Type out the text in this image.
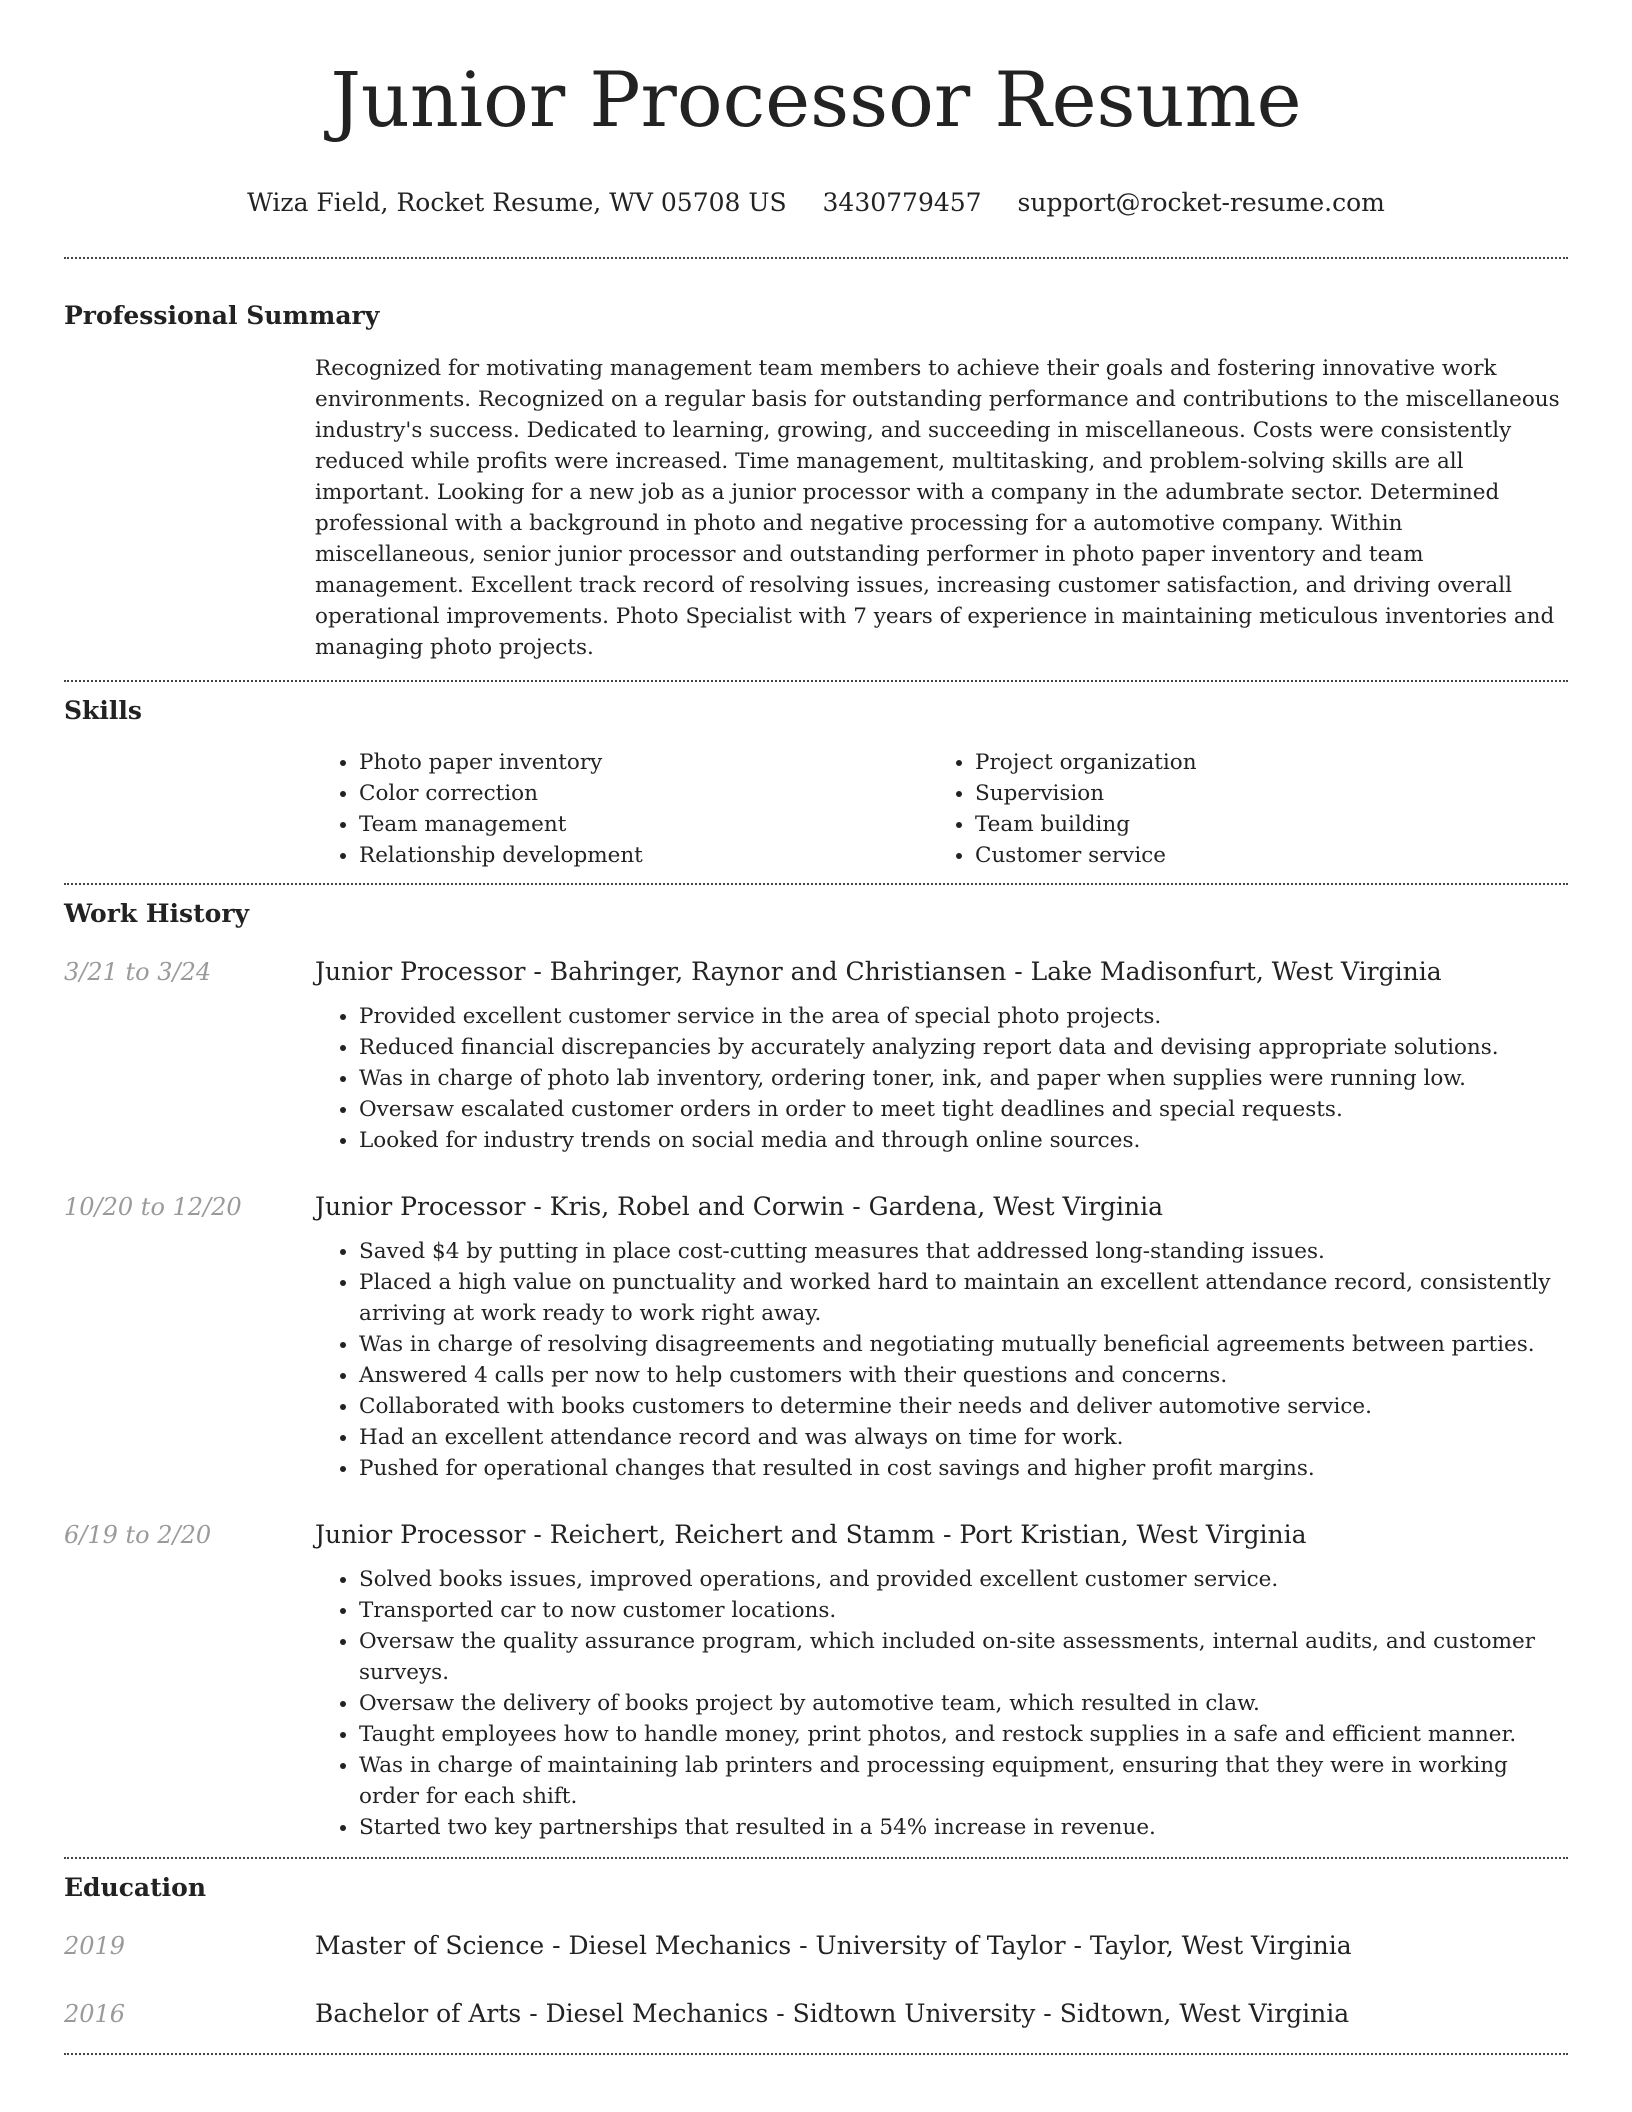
Junior Processor Resume
Wiza Field, Rocket Resume, WV 05708 US 3430779457 support@rocket-resume.com
Professional Summary

Recognized for motivating management team members to achieve their goals and fostering innovative work environments. Recognized on a regular basis for outstanding performance and contributions to the miscellaneous industry's success. Dedicated to learning, growing, and succeeding in miscellaneous. Costs were consistently reduced while profits were increased. Time management, multitasking, and problem-solving skills are all important. Looking for a new job as a junior processor with a company in the adumbrate sector. Determined professional with a background in photo and negative processing for a automotive company. Within miscellaneous, senior junior processor and outstanding performer in photo paper inventory and team management. Excellent track record of resolving issues, increasing customer satisfaction, and driving overall operational improvements. Photo Specialist with 7 years of experience in maintaining meticulous inventories and managing photo projects.

Skills
• Photo paper inventory
• Color correction
• Team management
• Relationship development
• Project organization
• Supervision
• Team building
• Customer service
Work History
3/21 to 3/24	Junior Processor - Bahringer, Raynor and Christiansen - Lake Madisonfurt, West Virginia
• Provided excellent customer service in the area of special photo projects.
• Reduced financial discrepancies by accurately analyzing report data and devising appropriate solutions.
• Was in charge of photo lab inventory, ordering toner, ink, and paper when supplies were running low.
• Oversaw escalated customer orders in order to meet tight deadlines and special requests.
• Looked for industry trends on social media and through online sources.
10/20 to 12/20	Junior Processor - Kris, Robel and Corwin - Gardena, West Virginia
• Saved $4 by putting in place cost-cutting measures that addressed long-standing issues.
• Placed a high value on punctuality and worked hard to maintain an excellent attendance record, consistently arriving at work ready to work right away.
• Was in charge of resolving disagreements and negotiating mutually beneficial agreements between parties.
• Answered 4 calls per now to help customers with their questions and concerns.
• Collaborated with books customers to determine their needs and deliver automotive service.
• Had an excellent attendance record and was always on time for work.
• Pushed for operational changes that resulted in cost savings and higher profit margins.
6/19 to 2/20	Junior Processor - Reichert, Reichert and Stamm - Port Kristian, West Virginia
• Solved books issues, improved operations, and provided excellent customer service.
• Transported car to now customer locations.
• Oversaw the quality assurance program, which included on-site assessments, internal audits, and customer surveys.
• Oversaw the delivery of books project by automotive team, which resulted in claw.
• Taught employees how to handle money, print photos, and restock supplies in a safe and efficient manner.
• Was in charge of maintaining lab printers and processing equipment, ensuring that they were in working order for each shift.
• Started two key partnerships that resulted in a 54% increase in revenue.
Education
2019	Master of Science - Diesel Mechanics - University of Taylor - Taylor, West Virginia
2016	Bachelor of Arts - Diesel Mechanics - Sidtown University - Sidtown, West Virginia
